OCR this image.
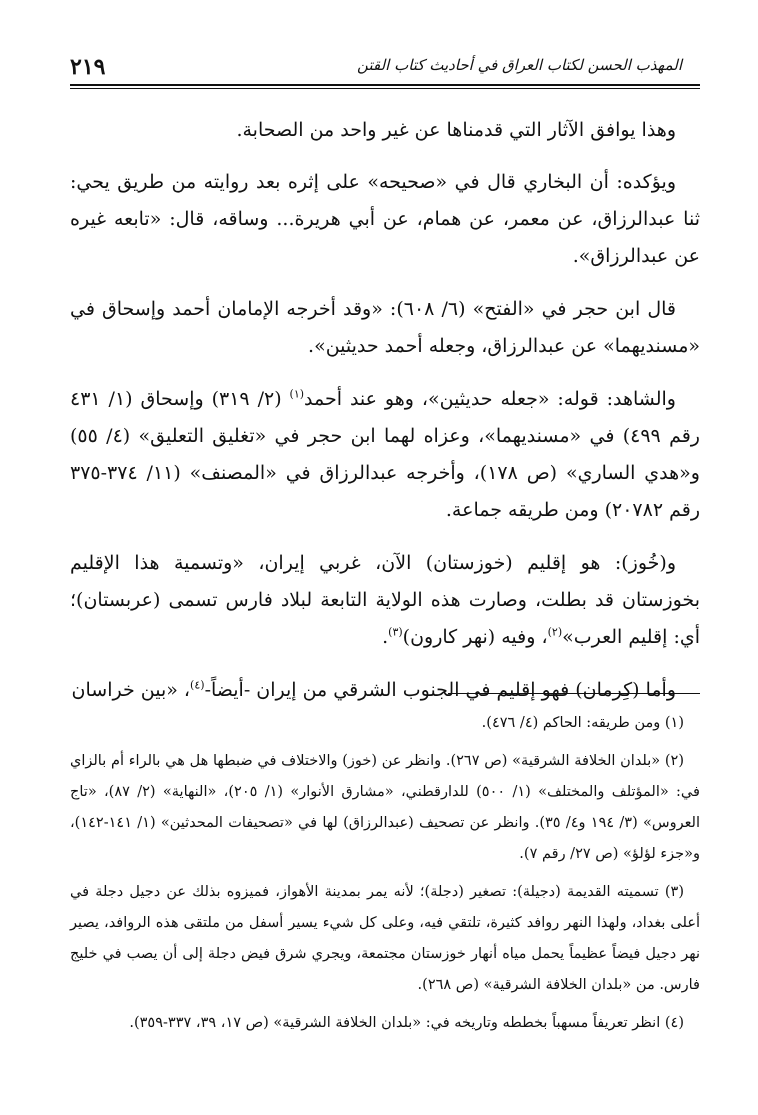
٢١٩	المهذب الحسن لكتاب العراق في أحاديث كتاب القتن

وهذا يوافق الآثار التي قدمناها عن غير واحد من الصحابة.

ويؤكده: أن البخاري قال في «صحيحه» على إثره بعد روايته من طريق يحي: ثنا عبدالرزاق، عن معمر، عن همام، عن أبي هريرة... وساقه، قال: «تابعه غيره عن عبدالرزاق».

قال ابن حجر في «الفتح» (٦/ ٦٠٨): «وقد أخرجه الإمامان أحمد وإسحاق في «مسنديهما» عن عبدالرزاق، وجعله أحمد حديثين».

والشاهد: قوله: «جعله حديثين»، وهو عند أحمد$^{(١)}$ (٢/ ٣١٩) وإسحاق (١/ ٤٣١ رقم ٤٩٩) في «مسنديهما»، وعزاه لهما ابن حجر في «تغليق التعليق» (٤/ ٥٥) و«هدي الساري» (ص ١٧٨)، وأخرجه عبدالرزاق في «المصنف» (١١/ ٣٧٤-٣٧٥ رقم ٢٠٧٨٢) ومن طريقه جماعة.

و(خُوز): هو إقليم (خوزستان) الآن، غربي إيران، «وتسمية هذا الإقليم بخوزستان قد بطلت، وصارت هذه الولاية التابعة لبلاد فارس تسمى (عربستان)؛ أي: إقليم العرب»$^{(٢)}$، وفيه (نهر كارون)$^{(٣)}$.

وأما (كِرمان) فهو إقليم في الجنوب الشرقي من إيران -أيضاً-$^{(٤)}$، «بين خراسان

(١) ومن طريقه: الحاكم (٤/ ٤٧٦).

(٢) «بلدان الخلافة الشرقية» (ص ٢٦٧). وانظر عن (خوز) والاختلاف في ضبطها هل هي بالراء أم بالزاي في: «المؤتلف والمختلف» (١/ ٥٠٠) للدارقطني، «مشارق الأنوار» (١/ ٢٠٥)، «النهاية» (٢/ ٨٧)، «تاج العروس» (٣/ ١٩٤ و٤/ ٣٥). وانظر عن تصحيف (عبدالرزاق) لها في «تصحيفات المحدثين» (١/ ١٤١-١٤٢)، و«جزء لؤلؤ» (ص ٢٧/ رقم ٧).

(٣) تسميته القديمة (دجيلة): تصغير (دجلة)؛ لأنه يمر بمدينة الأهواز، فميزوه بذلك عن دجيل دجلة في أعلى بغداد، ولهذا النهر روافد كثيرة، تلتقي فيه، وعلى كل شيء يسير أسفل من ملتقى هذه الروافد، يصير نهر دجيل فيضاً عظيماً يحمل مياه أنهار خوزستان مجتمعة، ويجري شرق فيض دجلة إلى أن يصب في خليج فارس. من «بلدان الخلافة الشرقية» (ص ٢٦٨).

(٤) انظر تعريفاً مسهباً بخططه وتاريخه في: «بلدان الخلافة الشرقية» (ص ١٧، ٣٩، ٣٣٧-٣٥٩).
